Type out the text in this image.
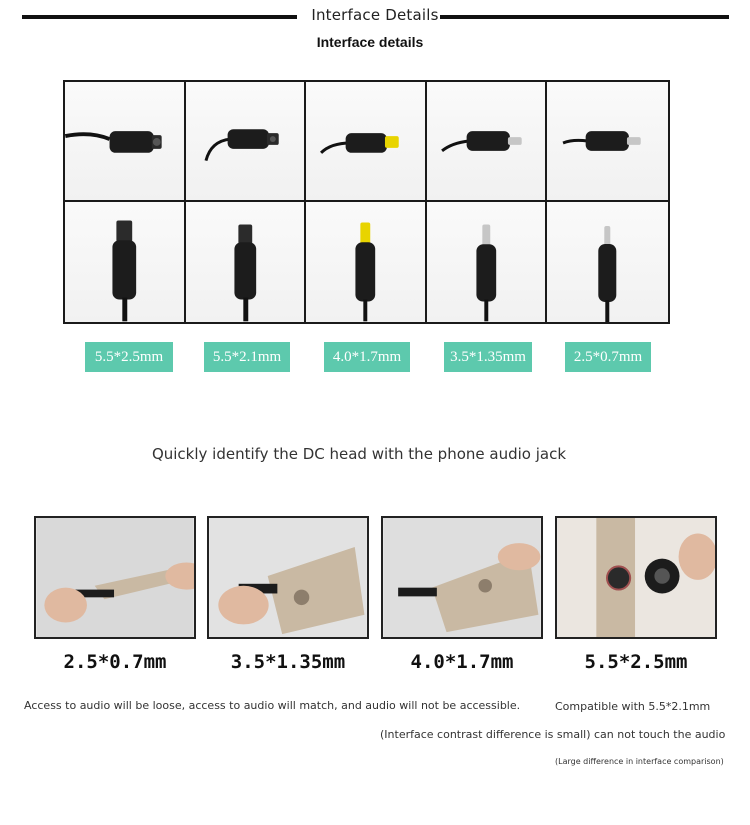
Interface Details
Interface details
5.5*2.5mm	5.5*2.1mm	4.0*1.7mm	3.5*1.35mm	2.5*0.7mm
Quickly identify the DC head with the phone audio jack
2.5*0.7mm	3.5*1.35mm	4.0*1.7mm	5.5*2.5mm
Access to audio will be loose, access to audio will match, and audio will not be accessible.	Compatible with 5.5*2.1mm
(Interface contrast difference is small) can not touch the audio
(Large difference in interface comparison)
